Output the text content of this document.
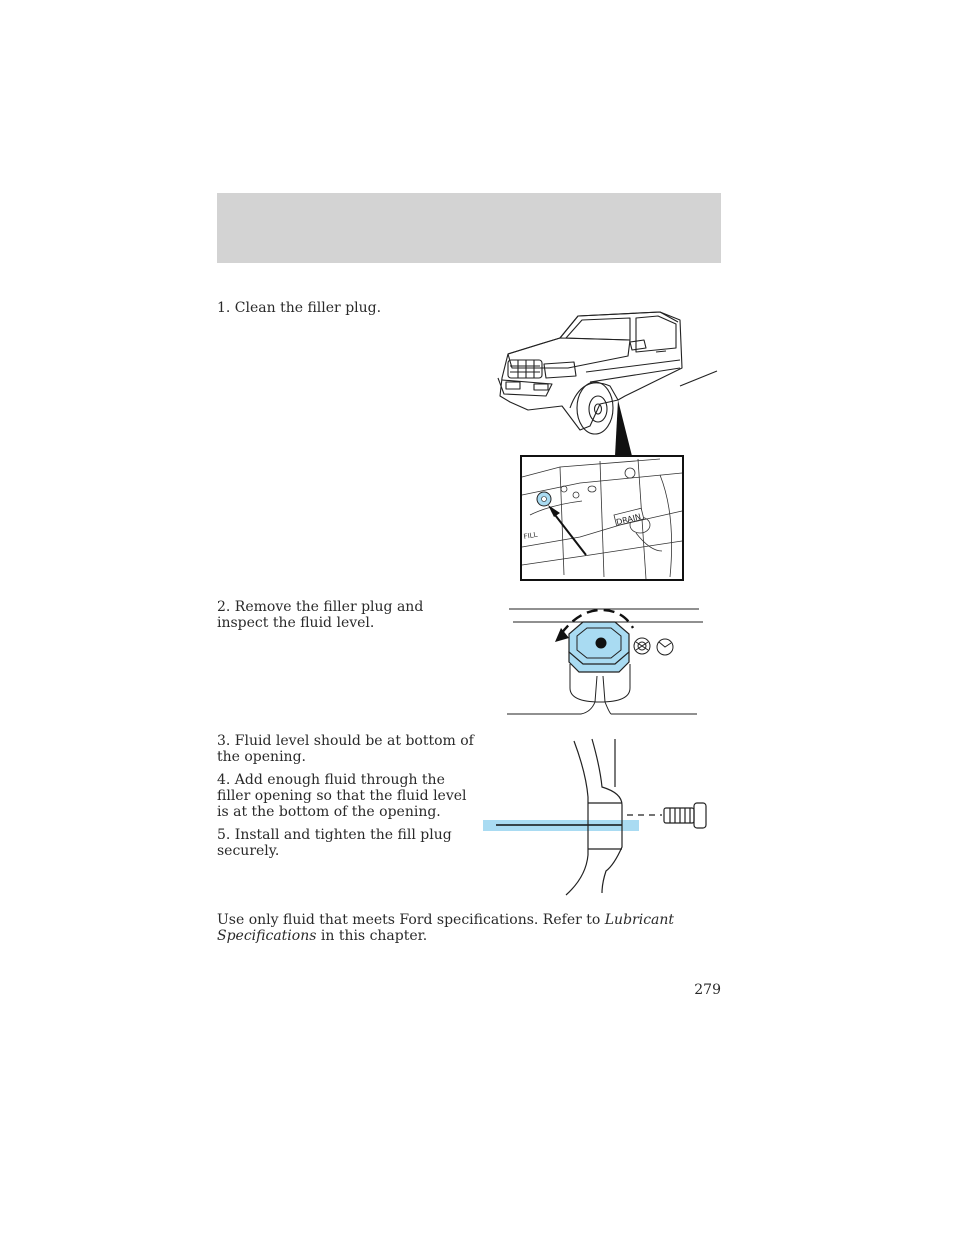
1. Clean the filler plug.
FILL
DRAIN
2. Remove the filler plug and inspect the fluid level.

3. Fluid level should be at bottom of the opening.

4. Add enough fluid through the filler opening so that the fluid level is at the bottom of the opening.

5. Install and tighten the fill plug securely.

Use only fluid that meets Ford specifications. Refer to Lubricant Specifications in this chapter.
279
